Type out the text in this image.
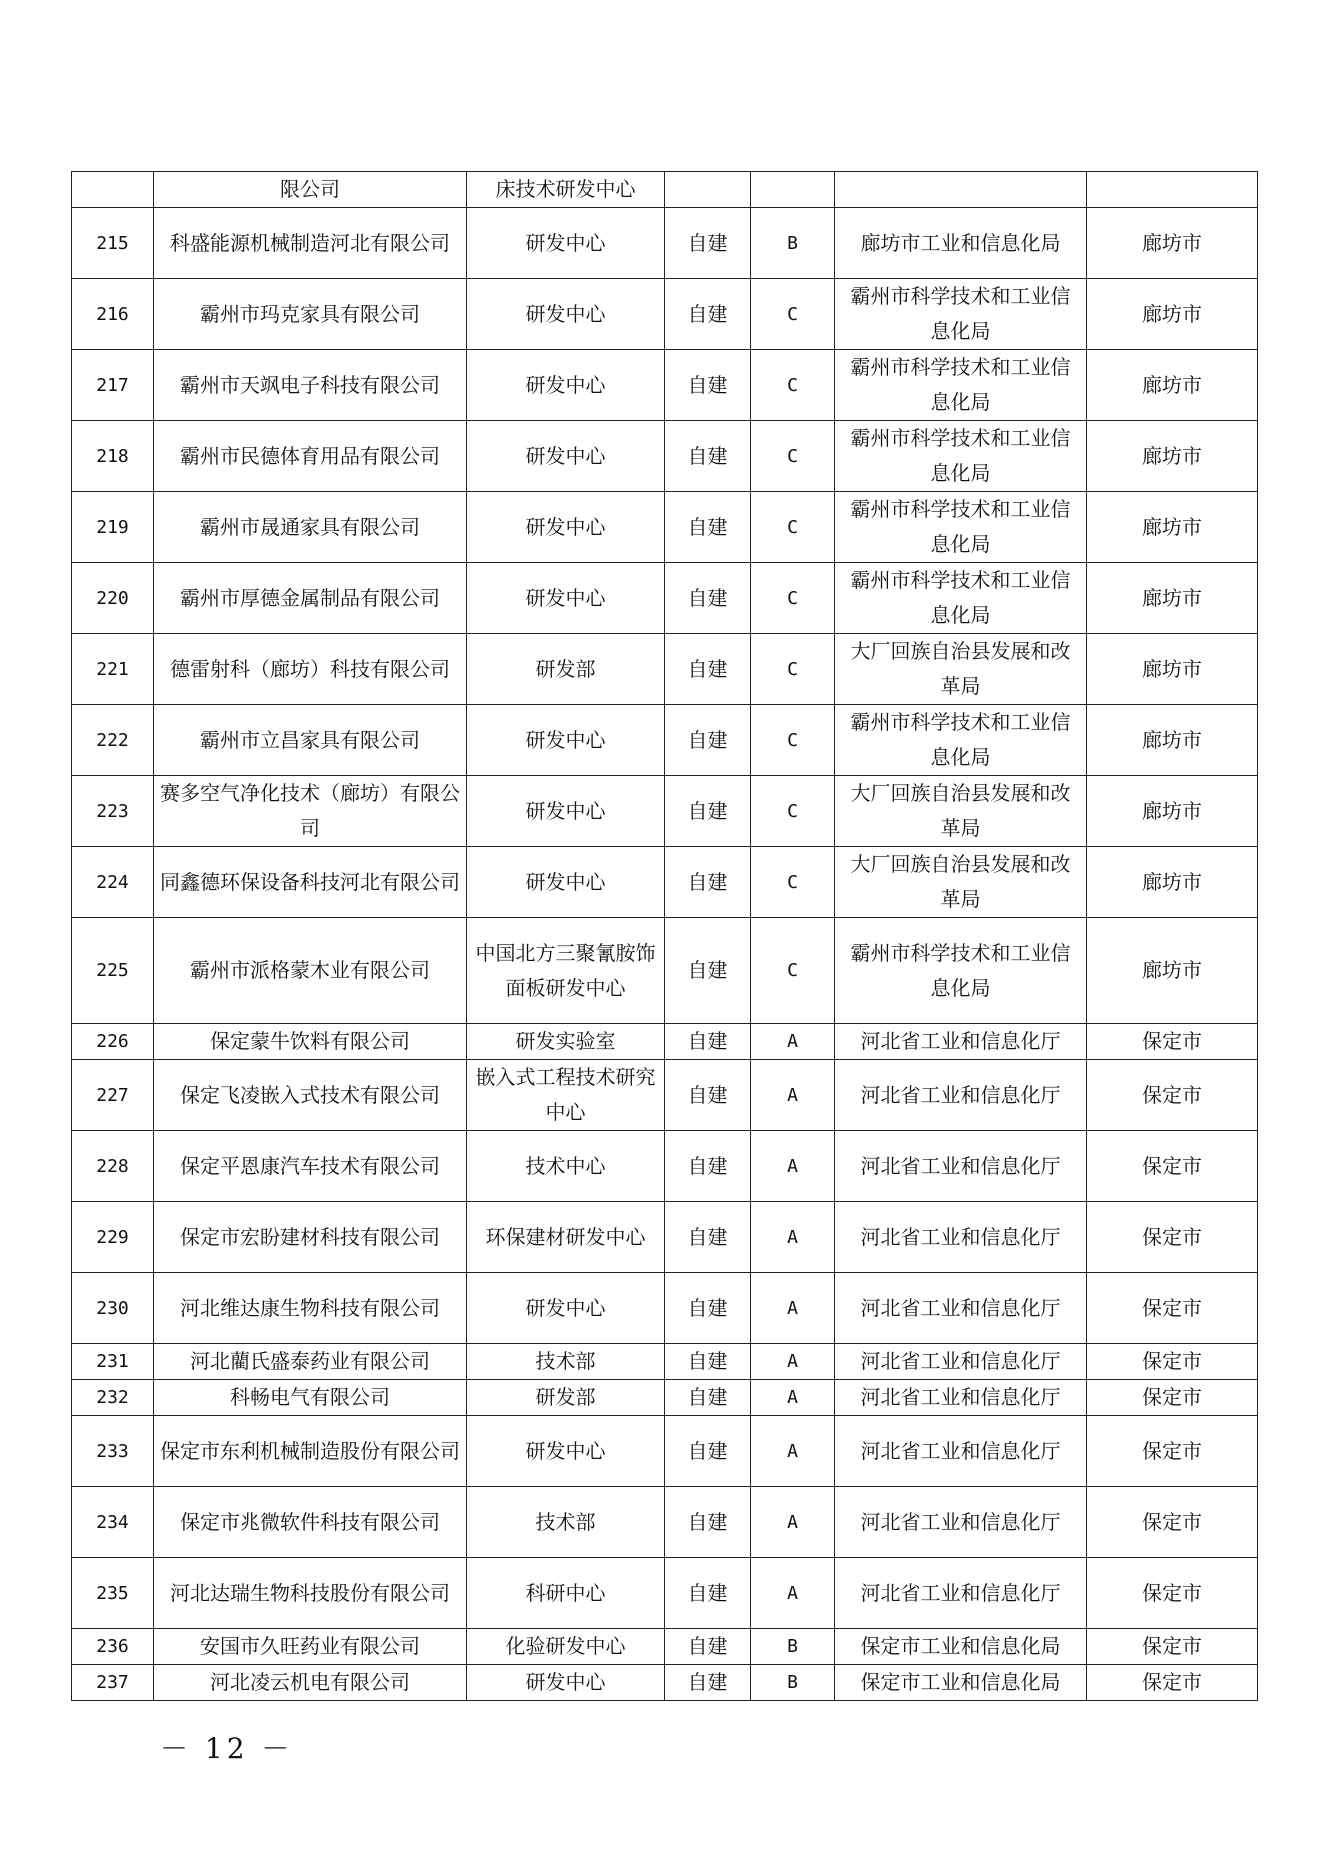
	限公司	床技术研发中心				
215	科盛能源机械制造河北有限公司	研发中心	自建	B	廊坊市工业和信息化局	廊坊市
216	霸州市玛克家具有限公司	研发中心	自建	C	霸州市科学技术和工业信息化局	廊坊市
217	霸州市天飒电子科技有限公司	研发中心	自建	C	霸州市科学技术和工业信息化局	廊坊市
218	霸州市民德体育用品有限公司	研发中心	自建	C	霸州市科学技术和工业信息化局	廊坊市
219	霸州市晟通家具有限公司	研发中心	自建	C	霸州市科学技术和工业信息化局	廊坊市
220	霸州市厚德金属制品有限公司	研发中心	自建	C	霸州市科学技术和工业信息化局	廊坊市
221	德雷射科（廊坊）科技有限公司	研发部	自建	C	大厂回族自治县发展和改革局	廊坊市
222	霸州市立昌家具有限公司	研发中心	自建	C	霸州市科学技术和工业信息化局	廊坊市
223	赛多空气净化技术（廊坊）有限公司	研发中心	自建	C	大厂回族自治县发展和改革局	廊坊市
224	同鑫德环保设备科技河北有限公司	研发中心	自建	C	大厂回族自治县发展和改革局	廊坊市
225	霸州市派格蒙木业有限公司	中国北方三聚氰胺饰面板研发中心	自建	C	霸州市科学技术和工业信息化局	廊坊市
226	保定蒙牛饮料有限公司	研发实验室	自建	A	河北省工业和信息化厅	保定市
227	保定飞凌嵌入式技术有限公司	嵌入式工程技术研究中心	自建	A	河北省工业和信息化厅	保定市
228	保定平恩康汽车技术有限公司	技术中心	自建	A	河北省工业和信息化厅	保定市
229	保定市宏盼建材科技有限公司	环保建材研发中心	自建	A	河北省工业和信息化厅	保定市
230	河北维达康生物科技有限公司	研发中心	自建	A	河北省工业和信息化厅	保定市
231	河北藺氏盛泰药业有限公司	技术部	自建	A	河北省工业和信息化厅	保定市
232	科畅电气有限公司	研发部	自建	A	河北省工业和信息化厅	保定市
233	保定市东利机械制造股份有限公司	研发中心	自建	A	河北省工业和信息化厅	保定市
234	保定市兆微软件科技有限公司	技术部	自建	A	河北省工业和信息化厅	保定市
235	河北达瑞生物科技股份有限公司	科研中心	自建	A	河北省工业和信息化厅	保定市
236	安国市久旺药业有限公司	化验研发中心	自建	B	保定市工业和信息化局	保定市
237	河北凌云机电有限公司	研发中心	自建	B	保定市工业和信息化局	保定市
－ 12 －
